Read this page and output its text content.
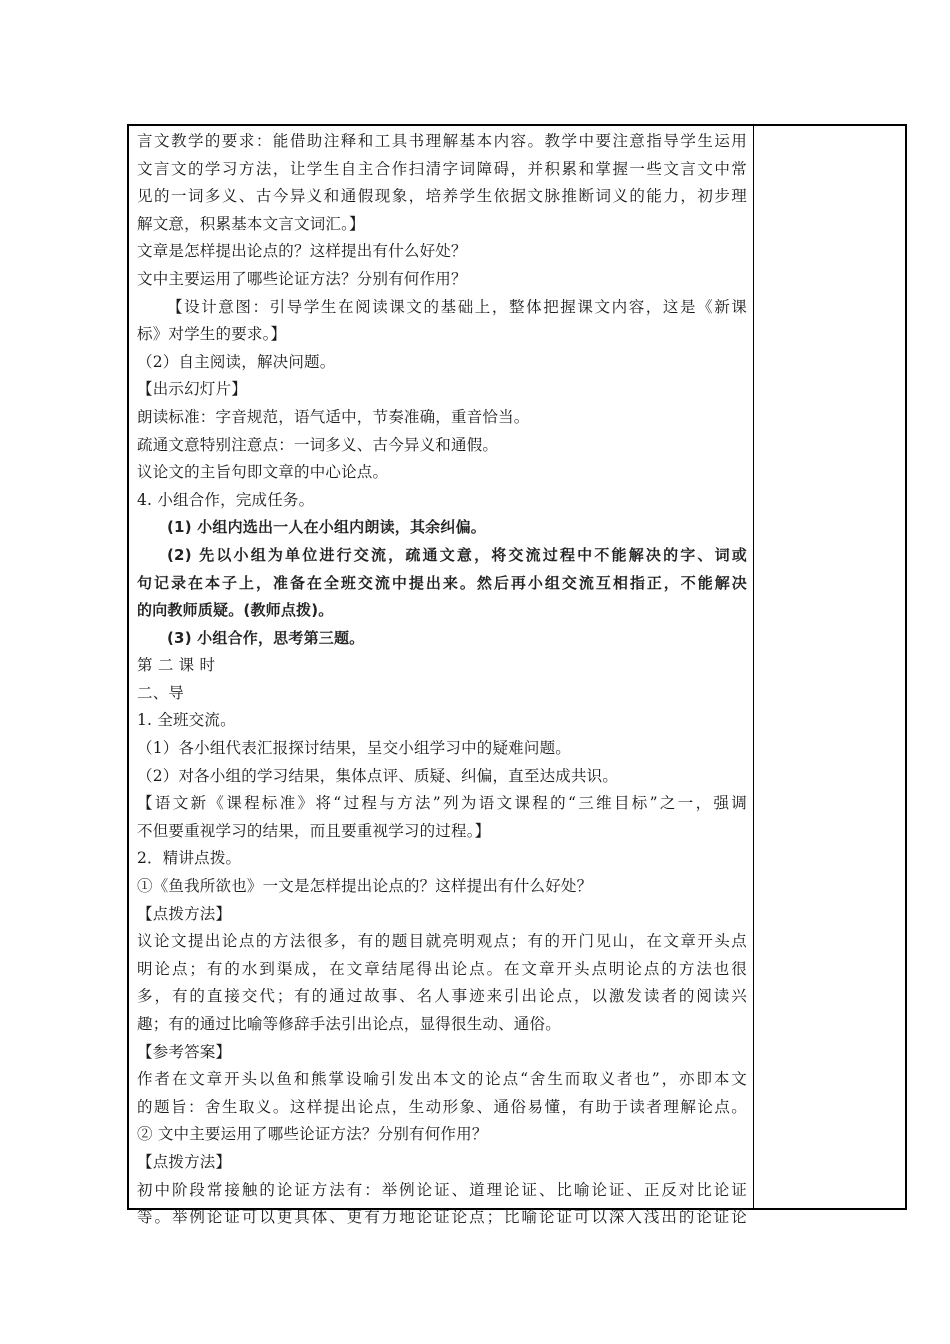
言文教学的要求：能借助注释和工具书理解基本内容。教学中要注意指导学生运用
文言文的学习方法，让学生自主合作扫清字词障碍，并积累和掌握一些文言文中常
见的一词多义、古今异义和通假现象，培养学生依据文脉推断词义的能力，初步理
解文意，积累基本文言文词汇。】
文章是怎样提出论点的？这样提出有什么好处？
文中主要运用了哪些论证方法？分别有何作用？
【设计意图：引导学生在阅读课文的基础上，整体把握课文内容，这是《新课
标》对学生的要求。】
（2）自主阅读，解决问题。
【出示幻灯片】
朗读标准：字音规范，语气适中，节奏准确，重音恰当。
疏通文意特别注意点：一词多义、古今异义和通假。
议论文的主旨句即文章的中心论点。
4. 小组合作，完成任务。
(1) 小组内选出一人在小组内朗读，其余纠偏。
(2) 先以小组为单位进行交流，疏通文意，将交流过程中不能解决的字、词或
句记录在本子上，准备在全班交流中提出来。然后再小组交流互相指正，不能解决
的向教师质疑。(教师点拨)。
(3) 小组合作，思考第三题。
第 二 课 时
二、导
1. 全班交流。
（1）各小组代表汇报探讨结果，呈交小组学习中的疑难问题。
（2）对各小组的学习结果，集体点评、质疑、纠偏，直至达成共识。
【语文新《课程标准》将“过程与方法”列为语文课程的“三维目标”之一，强调
不但要重视学习的结果，而且要重视学习的过程。】
2．精讲点拨。
①《鱼我所欲也》一文是怎样提出论点的？这样提出有什么好处？
【点拨方法】
议论文提出论点的方法很多，有的题目就亮明观点；有的开门见山，在文章开头点
明论点；有的水到渠成，在文章结尾得出论点。在文章开头点明论点的方法也很
多，有的直接交代；有的通过故事、名人事迹来引出论点，以激发读者的阅读兴
趣；有的通过比喻等修辞手法引出论点，显得很生动、通俗。
【参考答案】
作者在文章开头以鱼和熊掌设喻引发出本文的论点“舍生而取义者也”，亦即本文
的题旨：舍生取义。这样提出论点，生动形象、通俗易懂，有助于读者理解论点。
② 文中主要运用了哪些论证方法？分别有何作用？
【点拨方法】
初中阶段常接触的论证方法有：举例论证、道理论证、比喻论证、正反对比论证
等。举例论证可以更具体、更有力地论证论点；比喻论证可以深入浅出的论证论
